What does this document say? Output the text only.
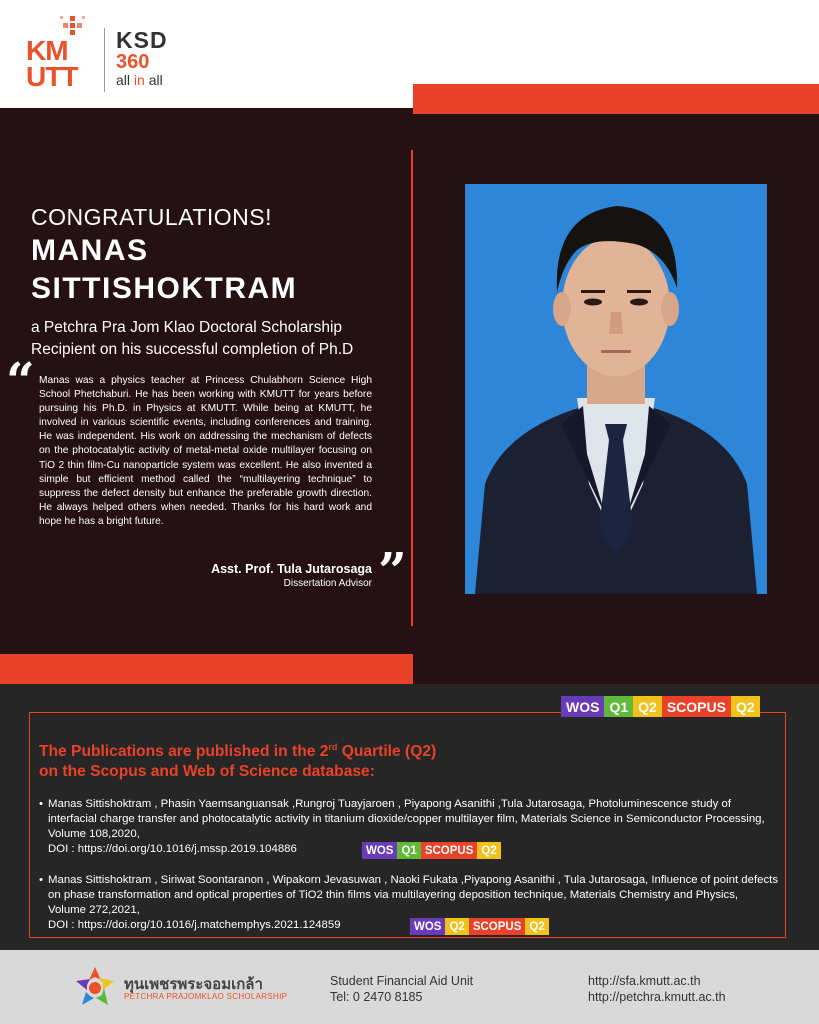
KM
UTT
KSD
360
all in all
CONGRATULATIONS!
MANAS SITTISHOKTRAM
a Petchra Pra Jom Klao Doctoral Scholarship Recipient on his successful completion of Ph.D
“ Manas was a physics teacher at Princess Chulabhorn Science High School Phetchaburi. He has been working with KMUTT for years before pursuing his Ph.D. in Physics at KMUTT. While being at KMUTT, he involved in various scientific events, including conferences and training. He was independent. His work on addressing the mechanism of defects on the photocatalytic activity of metal-metal oxide multilayer focusing on TiO 2 thin film-Cu nanoparticle system was excellent. He also invented a simple but efficient method called the “multilayering technique” to suppress the defect density but enhance the preferable growth direction. He always helped others when needed. Thanks for his hard work and hope he has a bright future.
”
Asst. Prof. Tula Jutarosaga
Dissertation Advisor
WOS Q1 Q2 SCOPUS Q2
The Publications are published in the 2rd Quartile (Q2)
on the Scopus and Web of Science database:
• Manas Sittishoktram , Phasin Yaemsanguansak ,Rungroj Tuayjaroen , Piyapong Asanithi ,Tula Jutarosaga, Photoluminescence study of interfacial charge transfer and photocatalytic activity in titanium dioxide/copper multilayer film, Materials Science in Semiconductor Processing, Volume 108,2020,
DOI : https://doi.org/10.1016/j.mssp.2019.104886	WOS Q1 SCOPUS Q2
• Manas Sittishoktram , Siriwat Soontaranon , Wipakorn Jevasuwan , Naoki Fukata ,Piyapong Asanithi , Tula Jutarosaga, Influence of point defects on phase transformation and optical properties of TiO2 thin films via multilayering deposition technique, Materials Chemistry and Physics, Volume 272,2021,
DOI : https://doi.org/10.1016/j.matchemphys.2021.124859	WOS Q2 SCOPUS Q2
ทุนเพชรพระจอมเกล้า
PETCHRA PRAJOMKLAO SCHOLARSHIP
Student Financial Aid Unit
Tel: 0 2470 8185
http://sfa.kmutt.ac.th
http://petchra.kmutt.ac.th
